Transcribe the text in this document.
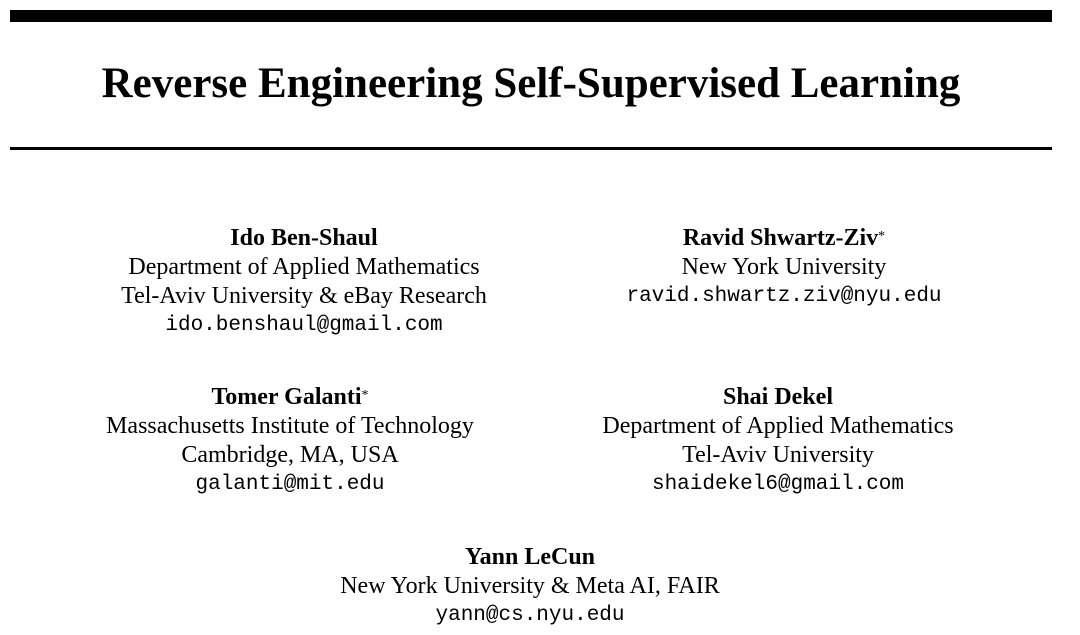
Reverse Engineering Self-Supervised Learning
Ido Ben-Shaul
Department of Applied Mathematics
Tel-Aviv University & eBay Research
ido.benshaul@gmail.com
Ravid Shwartz-Ziv*
New York University
ravid.shwartz.ziv@nyu.edu
Tomer Galanti*
Massachusetts Institute of Technology
Cambridge, MA, USA
galanti@mit.edu
Shai Dekel
Department of Applied Mathematics
Tel-Aviv University
shaidekel6@gmail.com
Yann LeCun
New York University & Meta AI, FAIR
yann@cs.nyu.edu
